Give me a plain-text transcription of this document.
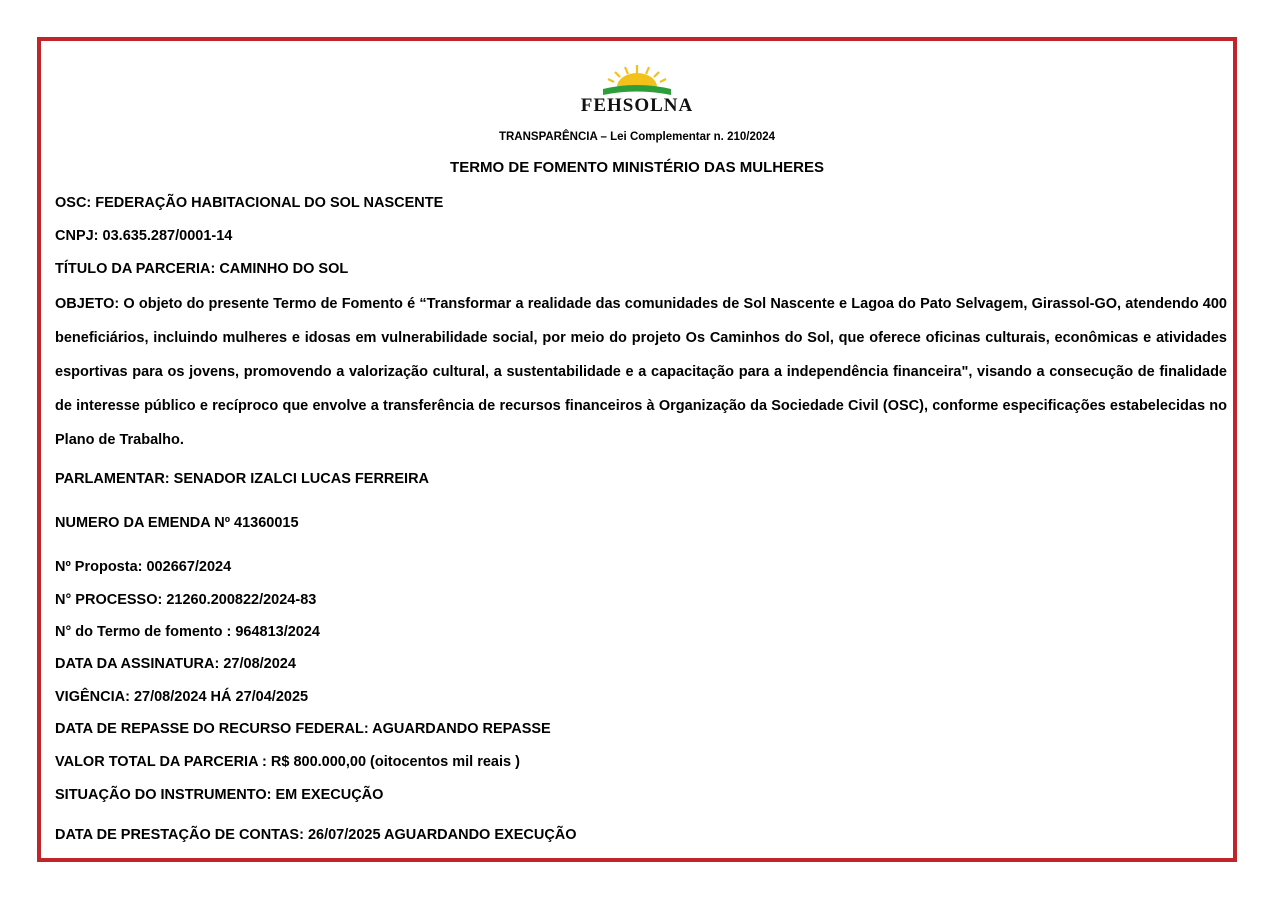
FEHSOLNA
TRANSPARÊNCIA – Lei Complementar n. 210/2024
TERMO DE FOMENTO MINISTÉRIO DAS MULHERES
OSC: FEDERAÇÃO HABITACIONAL DO SOL NASCENTE
CNPJ: 03.635.287/0001-14
TÍTULO DA PARCERIA: CAMINHO DO SOL
OBJETO: O objeto do presente Termo de Fomento é “Transformar a realidade das comunidades de Sol Nascente e Lagoa do Pato Selvagem, Girassol-GO, atendendo 400 beneficiários, incluindo mulheres e idosas em vulnerabilidade social, por meio do projeto Os Caminhos do Sol, que oferece oficinas culturais, econômicas e atividades esportivas para os jovens, promovendo a valorização cultural, a sustentabilidade e a capacitação para a independência financeira", visando a consecução de finalidade de interesse público e recíproco que envolve a transferência de recursos financeiros à Organização da Sociedade Civil (OSC), conforme especificações estabelecidas no Plano de Trabalho.
PARLAMENTAR: SENADOR IZALCI LUCAS FERREIRA
NUMERO DA EMENDA Nº 41360015
Nº Proposta: 002667/2024
N° PROCESSO: 21260.200822/2024-83
N° do Termo de fomento : 964813/2024
DATA DA ASSINATURA: 27/08/2024
VIGÊNCIA: 27/08/2024 HÁ 27/04/2025
DATA DE REPASSE DO RECURSO FEDERAL: AGUARDANDO REPASSE
VALOR TOTAL DA PARCERIA : R$ 800.000,00 (oitocentos mil reais )
SITUAÇÃO DO INSTRUMENTO: EM EXECUÇÃO
DATA DE PRESTAÇÃO DE CONTAS: 26/07/2025 AGUARDANDO EXECUÇÃO
